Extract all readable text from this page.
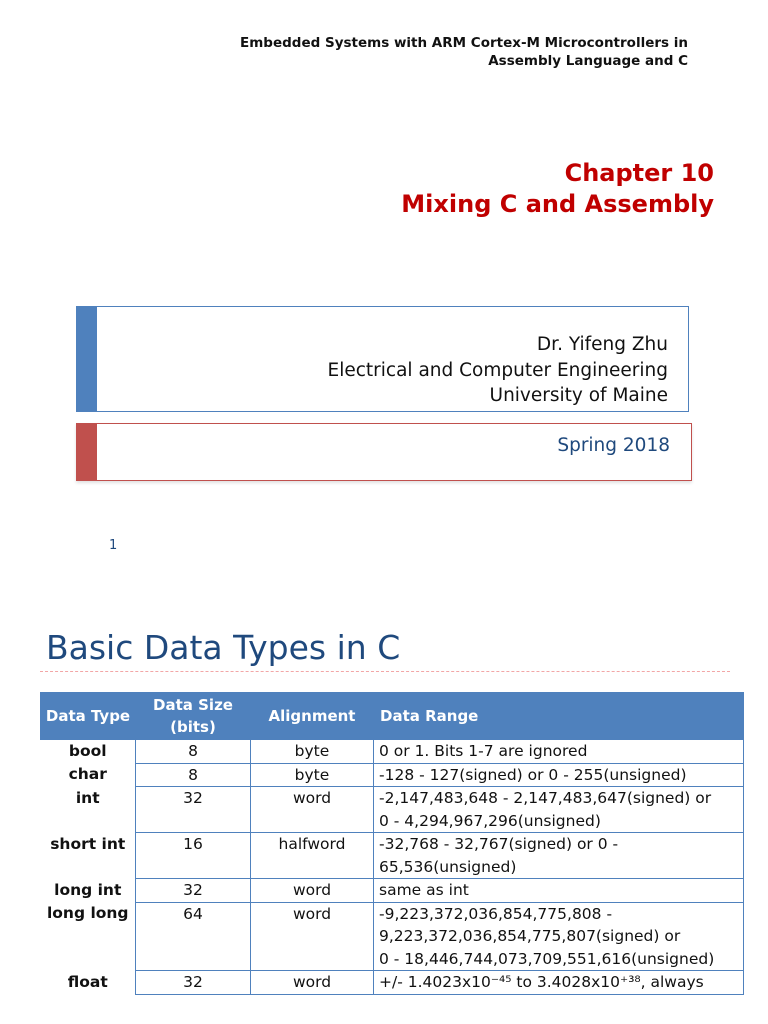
Embedded Systems with ARM Cortex-M Microcontrollers in
Assembly Language and C
Chapter 10
Mixing C and Assembly
Dr. Yifeng Zhu
Electrical and Computer Engineering
University of Maine
Spring 2018
1
Basic Data Types in C
Data Type	Data Size (bits)	Alignment	Data Range
bool	8	byte	0 or 1. Bits 1-7 are ignored
char	8	byte	-128 - 127(signed) or 0 - 255(unsigned)
int	32	word	-2,147,483,648 - 2,147,483,647(signed) or
0 - 4,294,967,296(unsigned)

short int	16	halfword	-32,768 - 32,767(signed) or 0 - 65,536(unsigned)
long int	32	word	same as int
long long	64	word	-9,223,372,036,854,775,808 - 9,223,372,036,854,775,807(signed) or
0 - 18,446,744,073,709,551,616(unsigned)

float	32	word	+/- 1.4023x10⁻⁴⁵ to 3.4028x10⁺³⁸, always
